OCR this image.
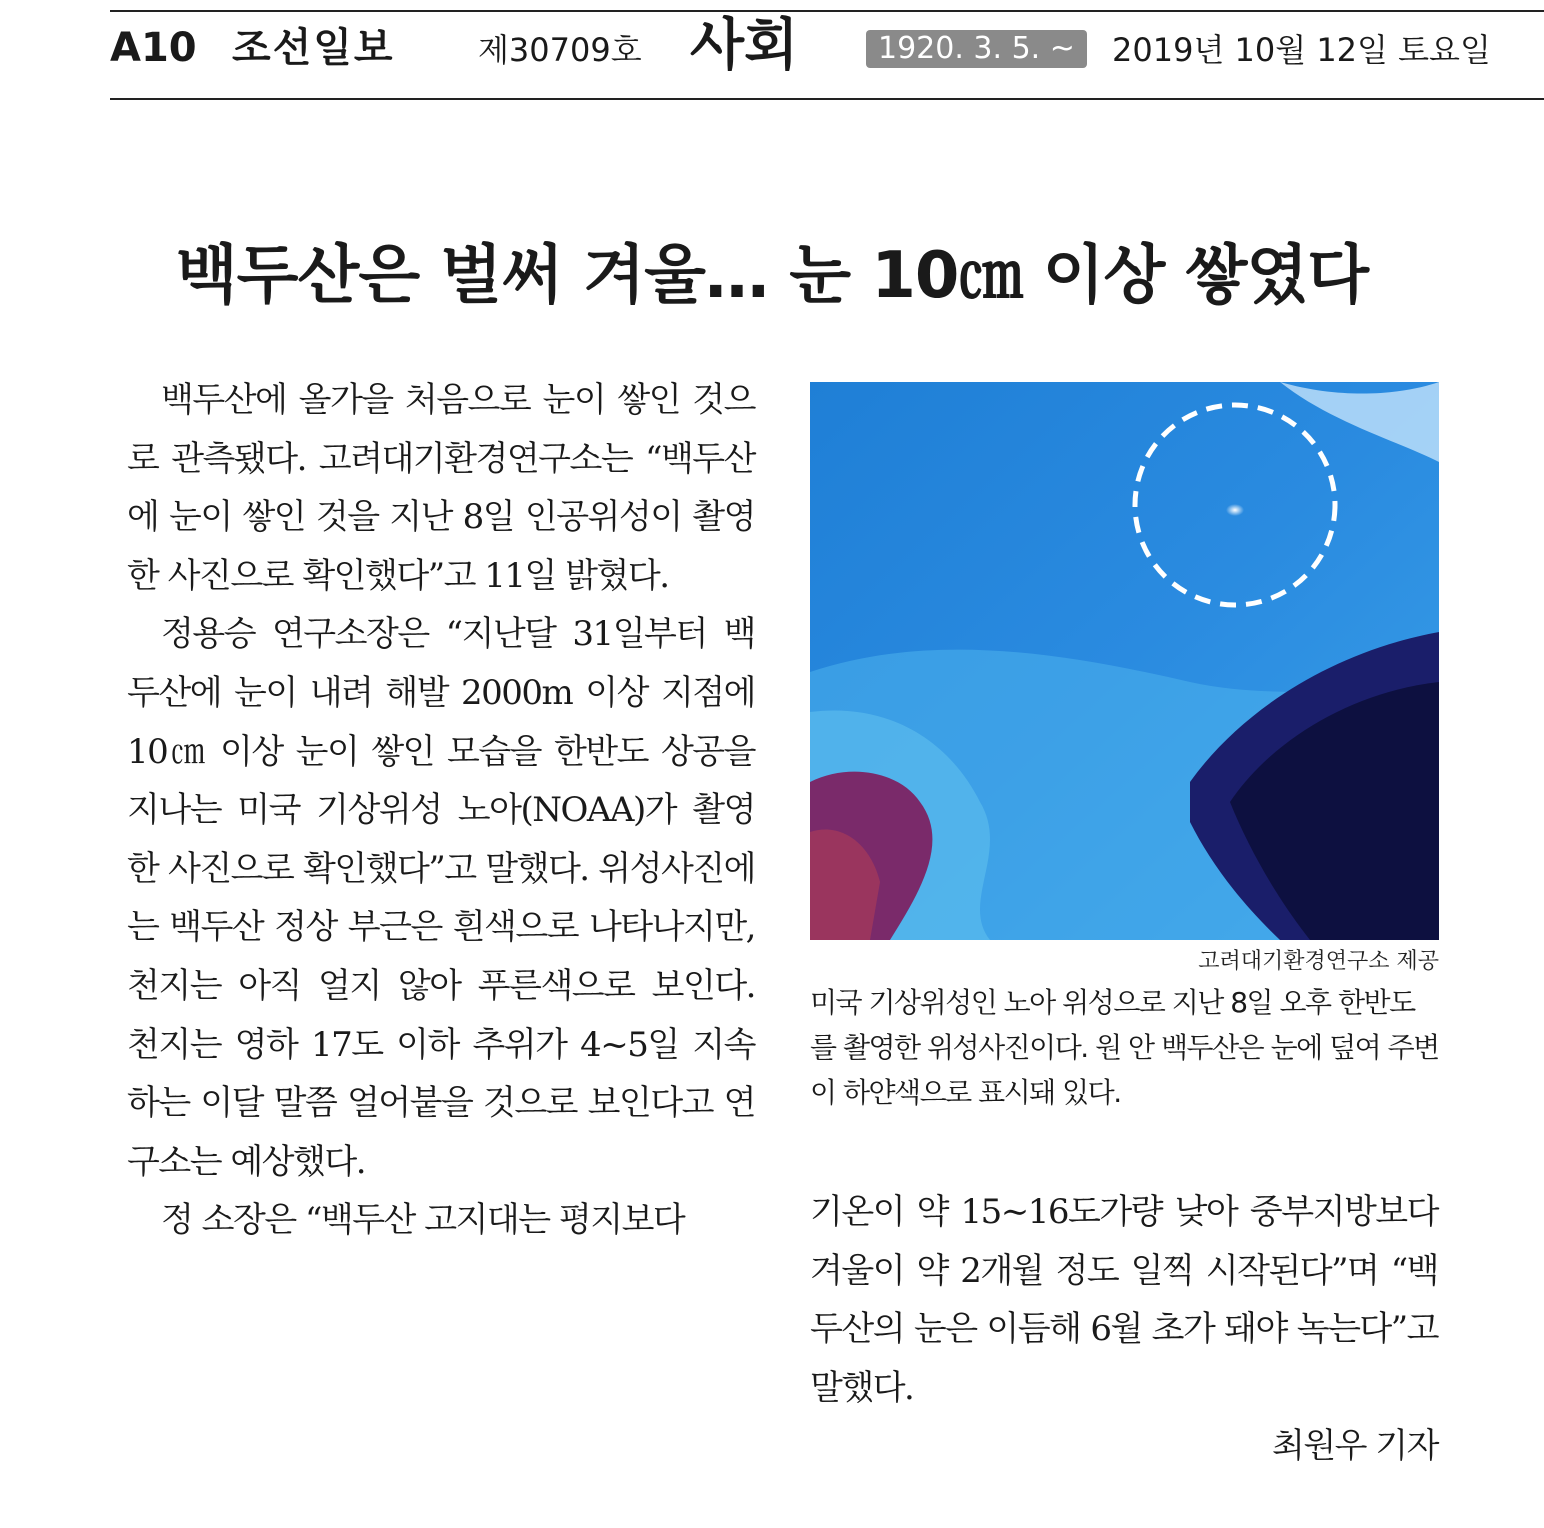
A10 조선일보	제30709호 사회	1920. 3. 5. ~	2019년 10월 12일 토요일
백두산은 벌써 겨울… 눈 10㎝ 이상 쌓였다

백두산에 올가을 처음으로 눈이 쌓인 것으로 관측됐다. 고려대기환경연구소는 “백두산에 눈이 쌓인 것을 지난 8일 인공위성이 촬영한 사진으로 확인했다”고 11일 밝혔다.

정용승 연구소장은 “지난달 31일부터 백두산에 눈이 내려 해발 2000m 이상 지점에 10㎝ 이상 눈이 쌓인 모습을 한반도 상공을 지나는 미국 기상위성 노아(NOAA)가 촬영한 사진으로 확인했다”고 말했다. 위성사진에는 백두산 정상 부근은 흰색으로 나타나지만, 천지는 아직 얼지 않아 푸른색으로 보인다. 천지는 영하 17도 이하 추위가 4~5일 지속하는 이달 말쯤 얼어붙을 것으로 보인다고 연구소는 예상했다.

정 소장은 “백두산 고지대는 평지보다

고려대기환경연구소 제공
미국 기상위성인 노아 위성으로 지난 8일 오후 한반도를 촬영한 위성사진이다. 원 안 백두산은 눈에 덮여 주변이 하얀색으로 표시돼 있다.

기온이 약 15∼16도가량 낮아 중부지방보다 겨울이 약 2개월 정도 일찍 시작된다”며 “백두산의 눈은 이듬해 6월 초가 돼야 녹는다”고 말했다.

최원우 기자
